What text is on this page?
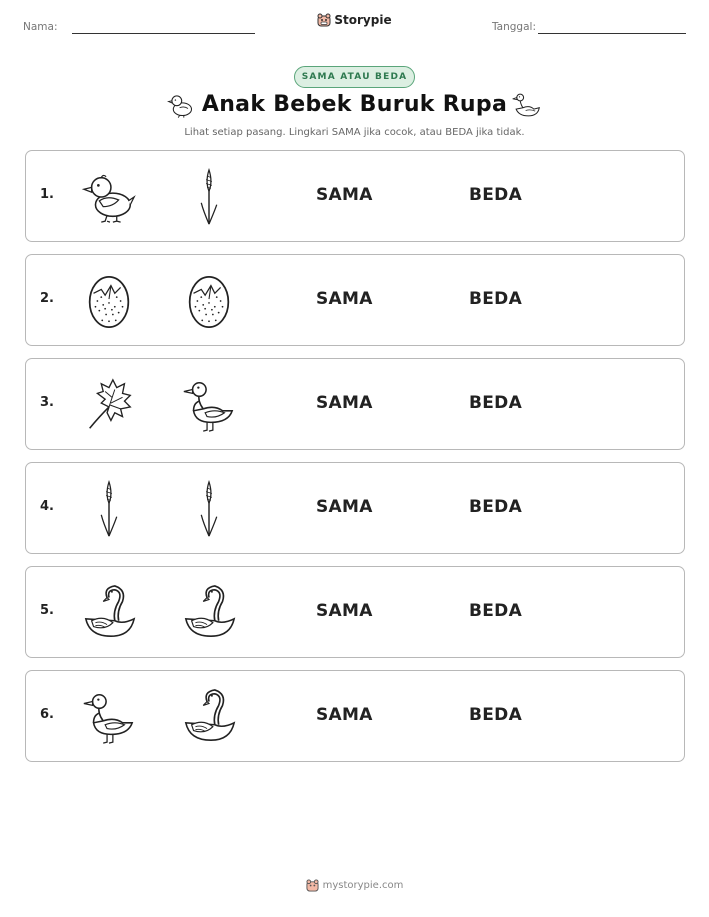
Nama:	Storypie	Tanggal:
SAMA ATAU BEDA
Anak Bebek Buruk Rupa
Lihat setiap pasang. Lingkari SAMA jika cocok, atau BEDA jika tidak.
1.	SAMA	BEDA
2.	SAMA	BEDA
3.	SAMA	BEDA
4.	SAMA	BEDA
5.	SAMA	BEDA
6.	SAMA	BEDA
mystorypie.com
